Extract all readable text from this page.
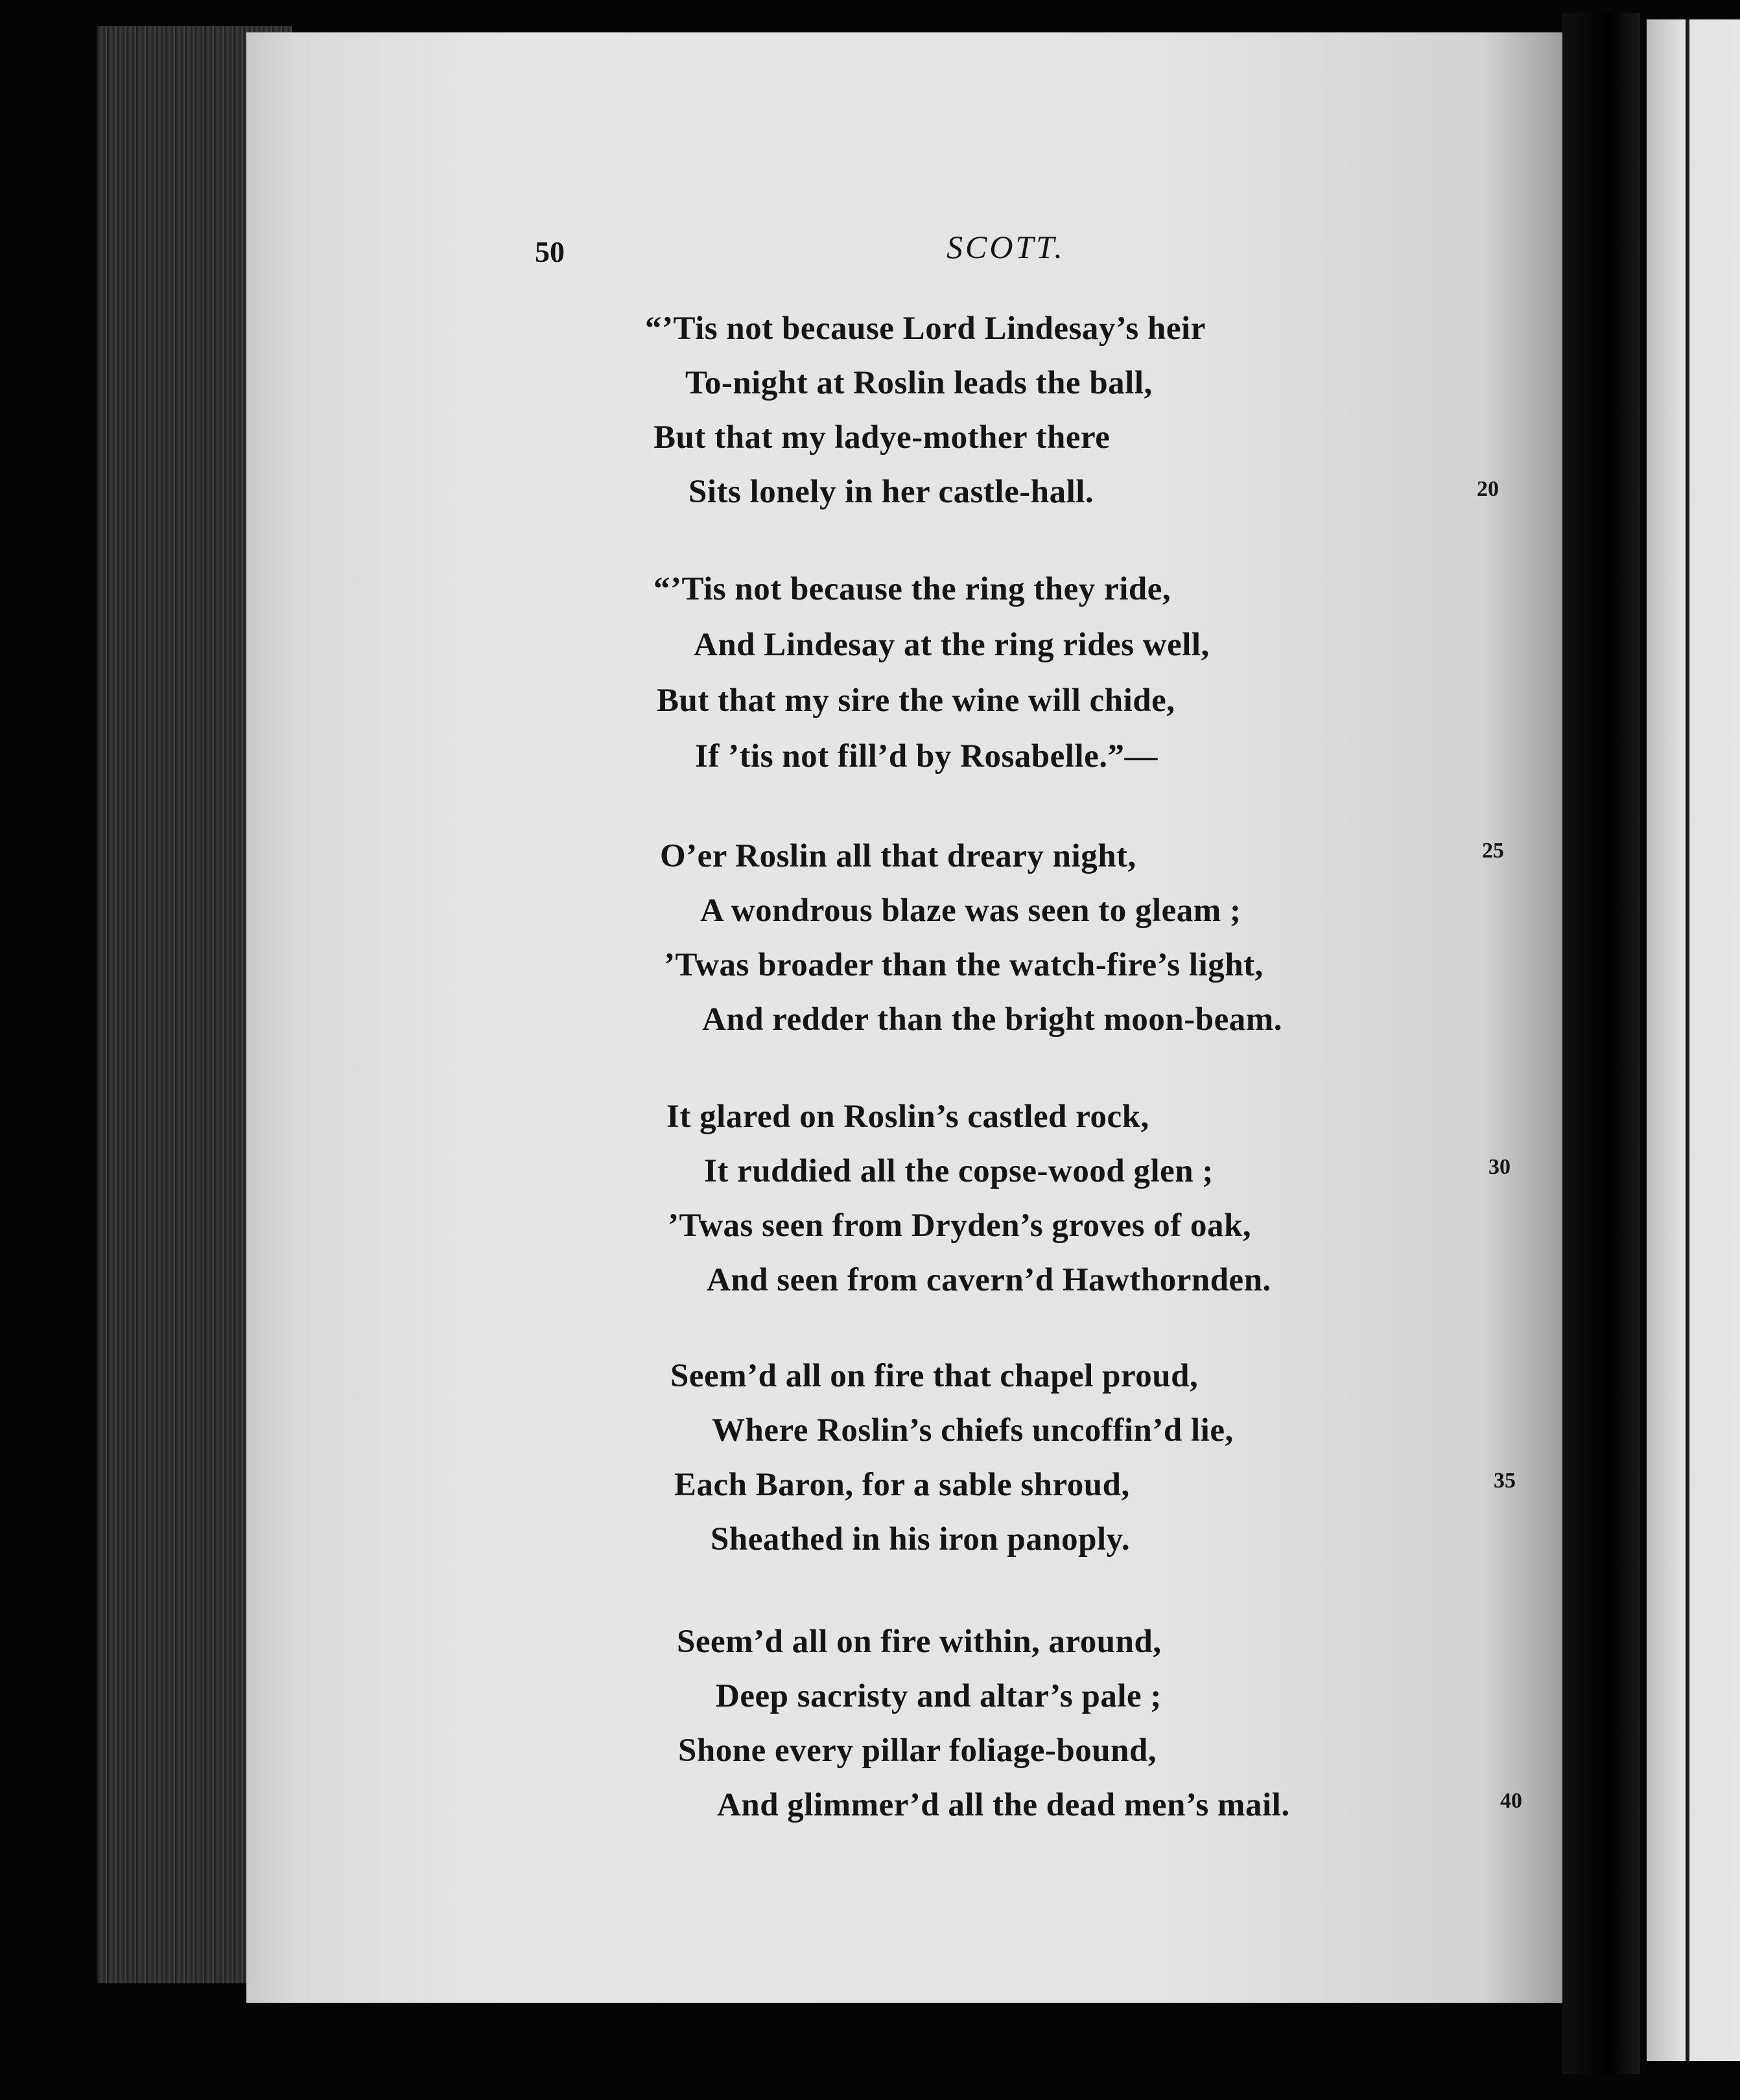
50	SCOTT.
“’Tis not because Lord Lindesay’s heir
To-night at Roslin leads the ball,
But that my ladye-mother there
Sits lonely in her castle-hall.
“’Tis not because the ring they ride,
And Lindesay at the ring rides well,
But that my sire the wine will chide,
If ’tis not fill’d by Rosabelle.”—
O’er Roslin all that dreary night,
A wondrous blaze was seen to gleam ;
’Twas broader than the watch-fire’s light,
And redder than the bright moon-beam.
It glared on Roslin’s castled rock,
It ruddied all the copse-wood glen ;
’Twas seen from Dryden’s groves of oak,
And seen from cavern’d Hawthornden.
Seem’d all on fire that chapel proud,
Where Roslin’s chiefs uncoffin’d lie,
Each Baron, for a sable shroud,
Sheathed in his iron panoply.
Seem’d all on fire within, around,
Deep sacristy and altar’s pale ;
Shone every pillar foliage-bound,
And glimmer’d all the dead men’s mail.
20
25
30
35
40
